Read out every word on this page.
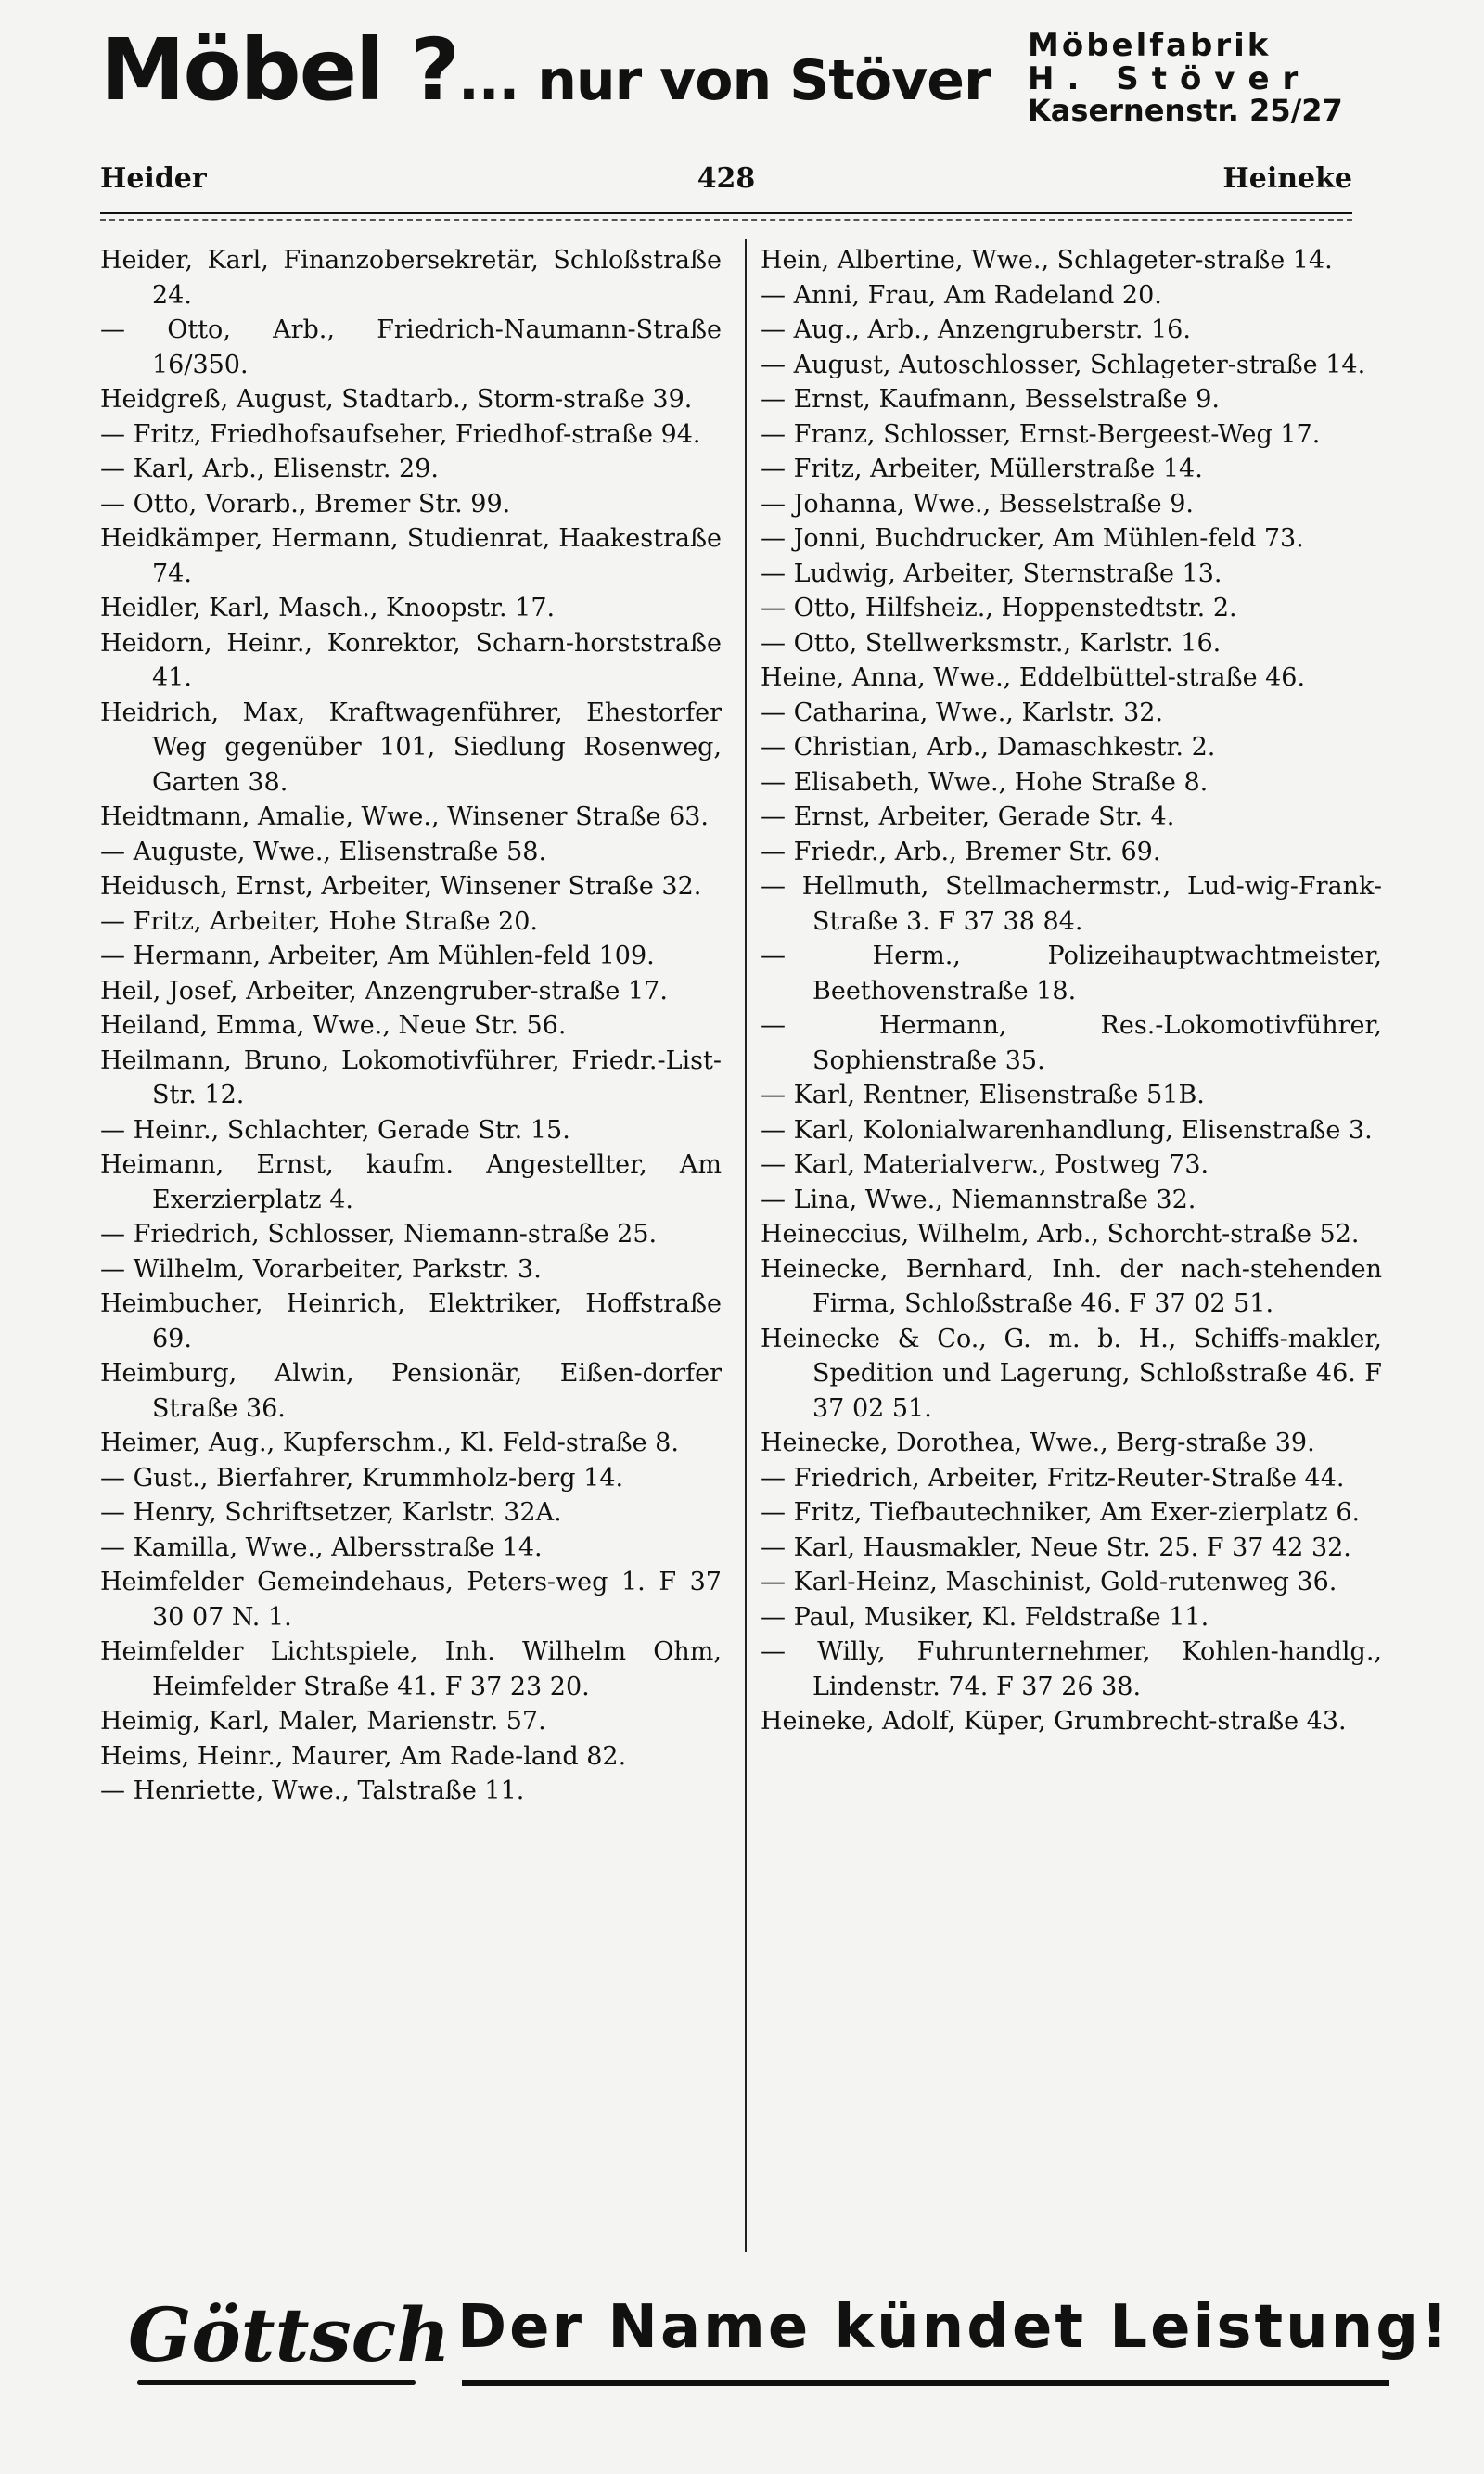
Möbel ?... nur von Stöver
Möbelfabrik
H. Stöver
Kasernenstr. 25/27
Heider	428	Heineke

Heider, Karl, Finanzobersekretär, Schloßstraße 24.

— Otto, Arb., Friedrich-Naumann-Straße 16/350.

Heidgreß, August, Stadtarb., Storm-straße 39.

— Fritz, Friedhofsaufseher, Friedhof-straße 94.

— Karl, Arb., Elisenstr. 29.

— Otto, Vorarb., Bremer Str. 99.

Heidkämper, Hermann, Studienrat, Haakestraße 74.

Heidler, Karl, Masch., Knoopstr. 17.

Heidorn, Heinr., Konrektor, Scharn-horststraße 41.

Heidrich, Max, Kraftwagenführer, Ehestorfer Weg gegenüber 101, Siedlung Rosenweg, Garten 38.

Heidtmann, Amalie, Wwe., Winsener Straße 63.

— Auguste, Wwe., Elisenstraße 58.

Heidusch, Ernst, Arbeiter, Winsener Straße 32.

— Fritz, Arbeiter, Hohe Straße 20.

— Hermann, Arbeiter, Am Mühlen-feld 109.

Heil, Josef, Arbeiter, Anzengruber-straße 17.

Heiland, Emma, Wwe., Neue Str. 56.

Heilmann, Bruno, Lokomotivführer, Friedr.-List-Str. 12.

— Heinr., Schlachter, Gerade Str. 15.

Heimann, Ernst, kaufm. Angestellter, Am Exerzierplatz 4.

— Friedrich, Schlosser, Niemann-straße 25.

— Wilhelm, Vorarbeiter, Parkstr. 3.

Heimbucher, Heinrich, Elektriker, Hoffstraße 69.

Heimburg, Alwin, Pensionär, Eißen-dorfer Straße 36.

Heimer, Aug., Kupferschm., Kl. Feld-straße 8.

— Gust., Bierfahrer, Krummholz-berg 14.

— Henry, Schriftsetzer, Karlstr. 32A.

— Kamilla, Wwe., Albersstraße 14.

Heimfelder Gemeindehaus, Peters-weg 1. F 37 30 07 N. 1.

Heimfelder Lichtspiele, Inh. Wilhelm Ohm, Heimfelder Straße 41. F 37 23 20.

Heimig, Karl, Maler, Marienstr. 57.

Heims, Heinr., Maurer, Am Rade-land 82.

— Henriette, Wwe., Talstraße 11.

Hein, Albertine, Wwe., Schlageter-straße 14.

— Anni, Frau, Am Radeland 20.

— Aug., Arb., Anzengruberstr. 16.

— August, Autoschlosser, Schlageter-straße 14.

— Ernst, Kaufmann, Besselstraße 9.

— Franz, Schlosser, Ernst-Bergeest-Weg 17.

— Fritz, Arbeiter, Müllerstraße 14.

— Johanna, Wwe., Besselstraße 9.

— Jonni, Buchdrucker, Am Mühlen-feld 73.

— Ludwig, Arbeiter, Sternstraße 13.

— Otto, Hilfsheiz., Hoppenstedtstr. 2.

— Otto, Stellwerksmstr., Karlstr. 16.

Heine, Anna, Wwe., Eddelbüttel-straße 46.

— Catharina, Wwe., Karlstr. 32.

— Christian, Arb., Damaschkestr. 2.

— Elisabeth, Wwe., Hohe Straße 8.

— Ernst, Arbeiter, Gerade Str. 4.

— Friedr., Arb., Bremer Str. 69.

— Hellmuth, Stellmachermstr., Lud-wig-Frank-Straße 3. F 37 38 84.

— Herm., Polizeihauptwachtmeister, Beethovenstraße 18.

— Hermann, Res.-Lokomotivführer, Sophienstraße 35.

— Karl, Rentner, Elisenstraße 51B.

— Karl, Kolonialwarenhandlung, Elisenstraße 3.

— Karl, Materialverw., Postweg 73.

— Lina, Wwe., Niemannstraße 32.

Heineccius, Wilhelm, Arb., Schorcht-straße 52.

Heinecke, Bernhard, Inh. der nach-stehenden Firma, Schloßstraße 46. F 37 02 51.

Heinecke & Co., G. m. b. H., Schiffs-makler, Spedition und Lagerung, Schloßstraße 46. F 37 02 51.

Heinecke, Dorothea, Wwe., Berg-straße 39.

— Friedrich, Arbeiter, Fritz-Reuter-Straße 44.

— Fritz, Tiefbautechniker, Am Exer-zierplatz 6.

— Karl, Hausmakler, Neue Str. 25. F 37 42 32.

— Karl-Heinz, Maschinist, Gold-rutenweg 36.

— Paul, Musiker, Kl. Feldstraße 11.

— Willy, Fuhrunternehmer, Kohlen-handlg., Lindenstr. 74. F 37 26 38.

Heineke, Adolf, Küper, Grumbrecht-straße 43.

Göttsch Der Name kündet Leistung!
